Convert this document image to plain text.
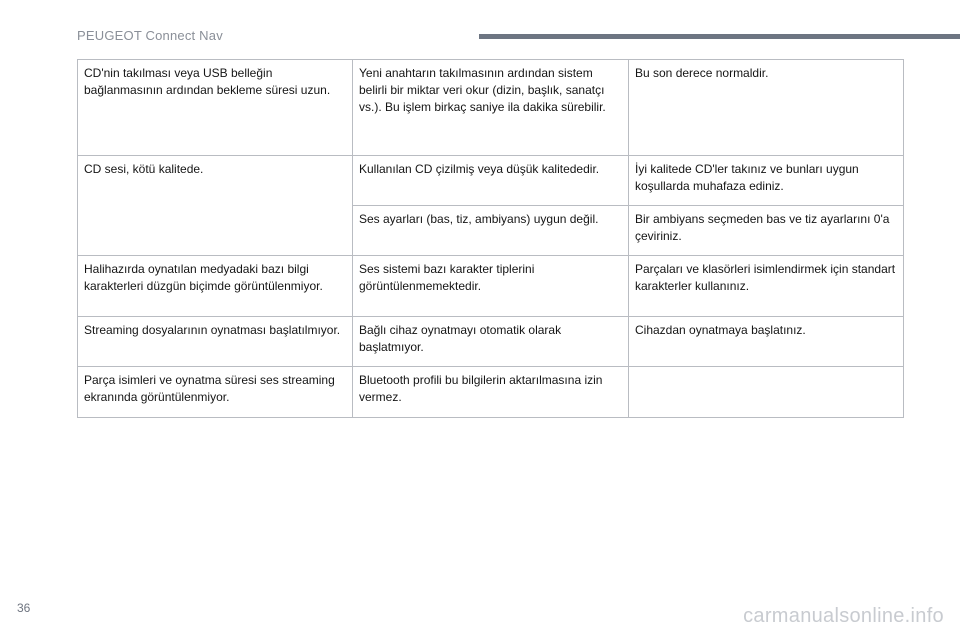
PEUGEOT Connect Nav
CD'nin takılması veya USB belleğin bağlanmasının ardından bekleme süresi uzun.	Yeni anahtarın takılmasının ardından sistem belirli bir miktar veri okur (dizin, başlık, sanatçı vs.). Bu işlem birkaç saniye ila dakika sürebilir.	Bu son derece normaldir.
CD sesi, kötü kalitede.	Kullanılan CD çizilmiş veya düşük kalitededir.	İyi kalitede CD'ler takınız ve bunları uygun koşullarda muhafaza ediniz.
	Ses ayarları (bas, tiz, ambiyans) uygun değil.	Bir ambiyans seçmeden bas ve tiz ayarlarını 0'a çeviriniz.
Halihazırda oynatılan medyadaki bazı bilgi karakterleri düzgün biçimde görüntülenmiyor.	Ses sistemi bazı karakter tiplerini görüntülenmemektedir.	Parçaları ve klasörleri isimlendirmek için standart karakterler kullanınız.
Streaming dosyalarının oynatması başlatılmıyor.	Bağlı cihaz oynatmayı otomatik olarak başlatmıyor.	Cihazdan oynatmaya başlatınız.
Parça isimleri ve oynatma süresi ses streaming ekranında görüntülenmiyor.	Bluetooth profili bu bilgilerin aktarılmasına izin vermez.	
36	carmanualsonline.info
